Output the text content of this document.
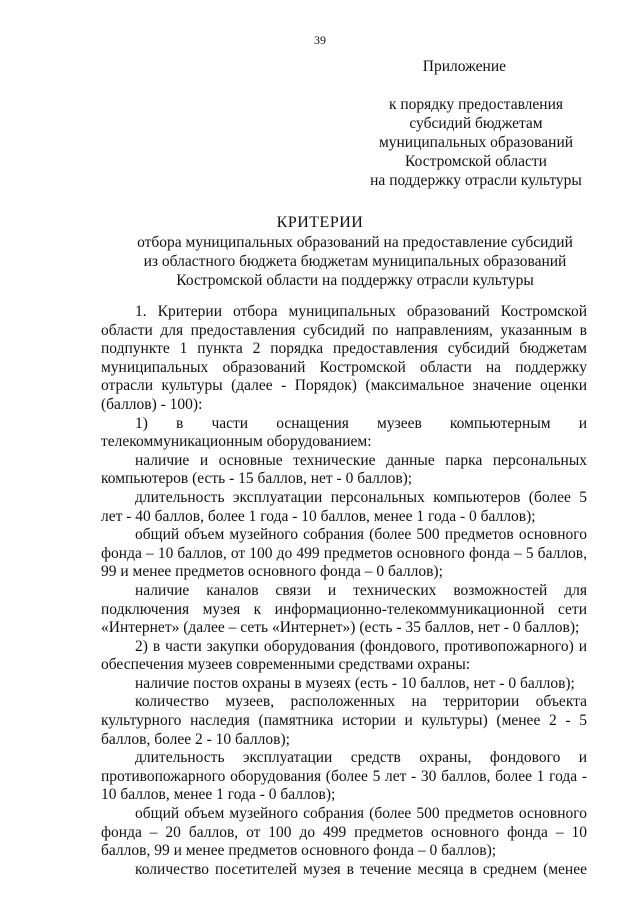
39
Приложение
к порядку предоставления
субсидий бюджетам
муниципальных образований
Костромской области
на поддержку отрасли культуры
КРИТЕРИИ
отбора муниципальных образований на предоставление субсидий
из областного бюджета бюджетам муниципальных образований
Костромской области на поддержку отрасли культуры

1. Критерии отбора муниципальных образований Костромской области для предоставления субсидий по направлениям, указанным в подпункте 1 пункта 2 порядка предоставления субсидий бюджетам муниципальных образований Костромской области на поддержку отрасли культуры (далее - Порядок) (максимальное значение оценки (баллов) - 100):

1) в части оснащения музеев компьютерным и телекоммуникационным оборудованием:

наличие и основные технические данные парка персональных компьютеров (есть - 15 баллов, нет - 0 баллов);

длительность эксплуатации персональных компьютеров (более 5 лет - 40 баллов, более 1 года - 10 баллов, менее 1 года - 0 баллов);

общий объем музейного собрания (более 500 предметов основного фонда – 10 баллов, от 100 до 499 предметов основного фонда – 5 баллов, 99 и менее предметов основного фонда – 0 баллов);

наличие каналов связи и технических возможностей для подключения музея к информационно-телекоммуникационной сети «Интернет» (далее – сеть «Интернет») (есть - 35 баллов, нет - 0 баллов);

2) в части закупки оборудования (фондового, противопожарного) и обеспечения музеев современными средствами охраны:

наличие постов охраны в музеях (есть - 10 баллов, нет - 0 баллов);

количество музеев, расположенных на территории объекта культурного наследия (памятника истории и культуры) (менее 2 - 5 баллов, более 2 - 10 баллов);

длительность эксплуатации средств охраны, фондового и противопожарного оборудования (более 5 лет - 30 баллов, более 1 года - 10 баллов, менее 1 года - 0 баллов);

общий объем музейного собрания (более 500 предметов основного фонда – 20 баллов, от 100 до 499 предметов основного фонда – 10 баллов, 99 и менее предметов основного фонда – 0 баллов);

количество посетителей музея в течение месяца в среднем (менее
